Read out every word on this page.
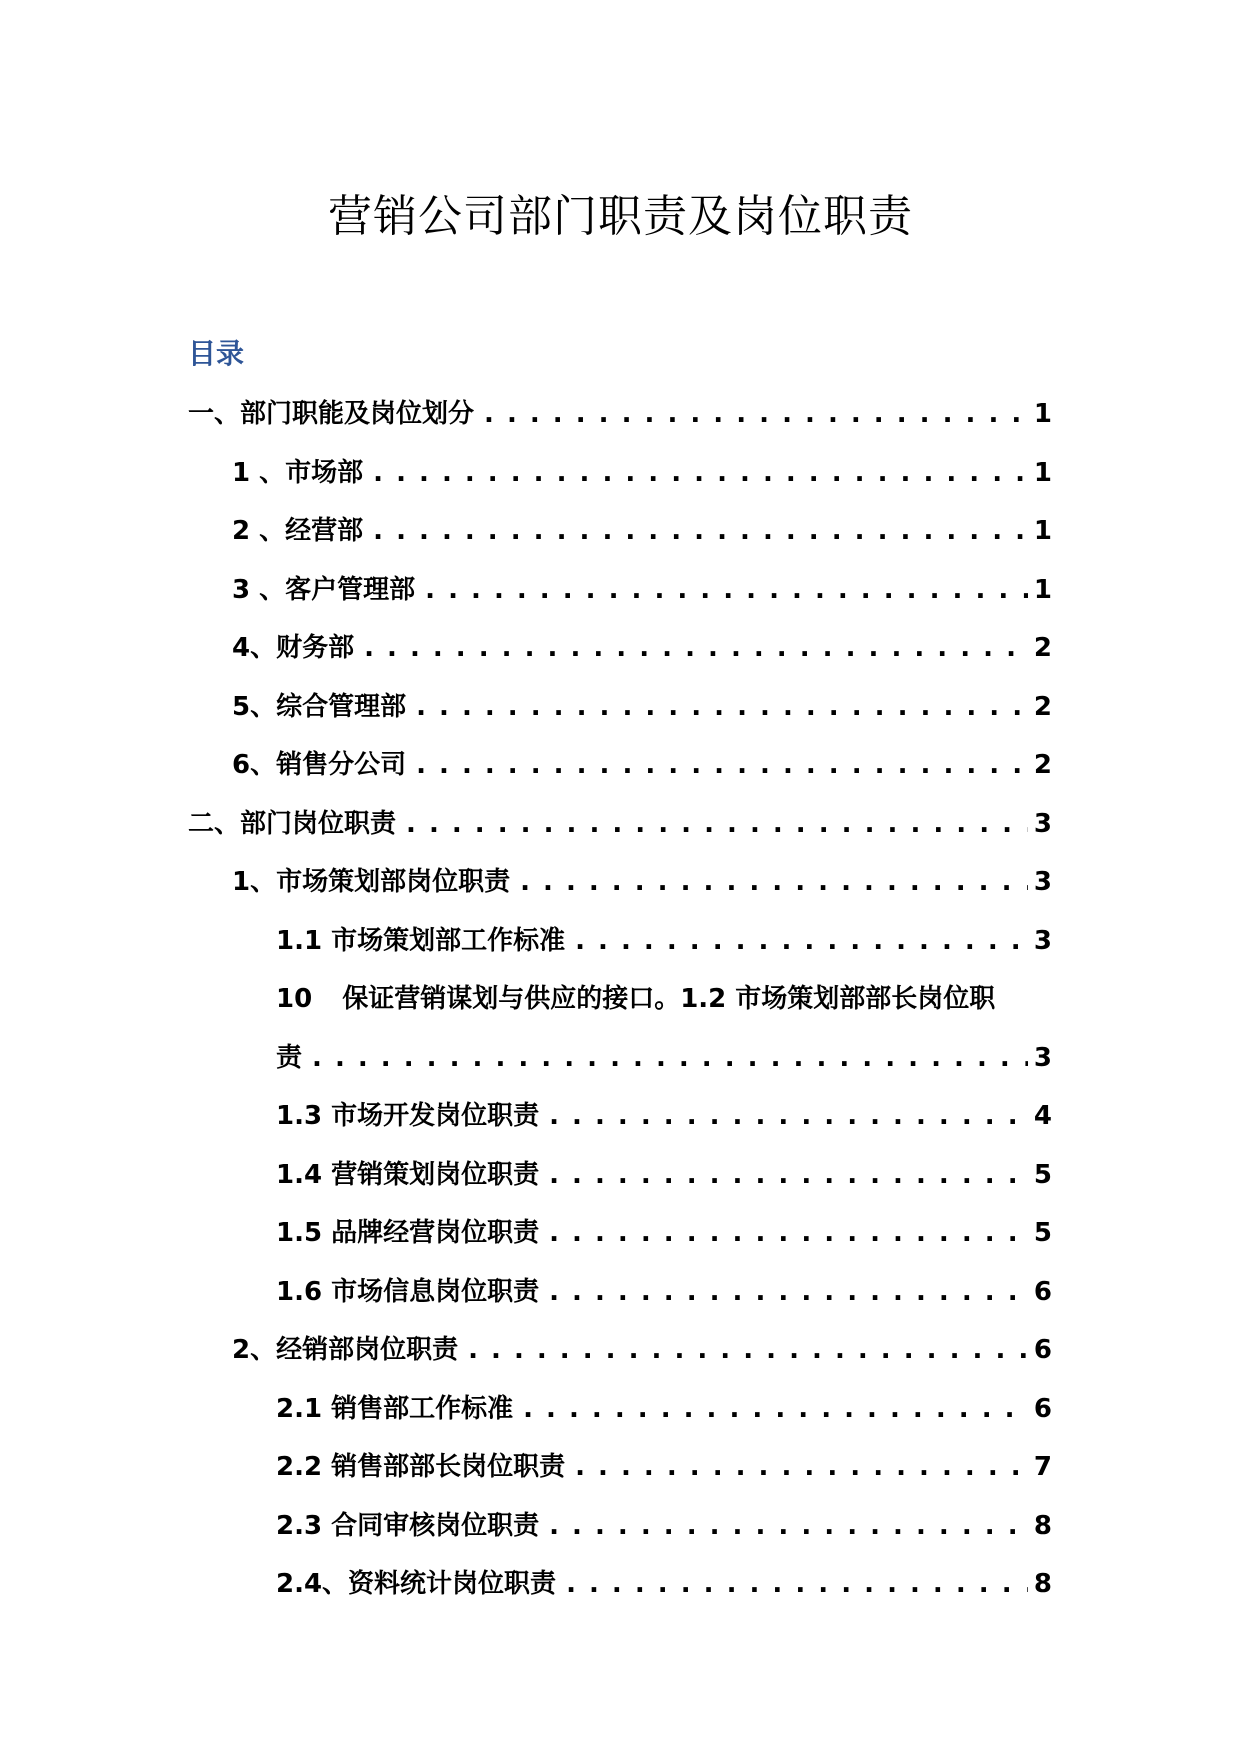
营销公司部门职责及岗位职责
目录
一、部门职能及岗位划分 . . .	1
1 、市场部 . . .	1
2 、经营部 . . .	1
3 、客户管理部 . . .	1
4、财务部 . . .	2
5、综合管理部 . . .	2
6、销售分公司 . . .	2
二、部门岗位职责 . . .	3
1、市场策划部岗位职责 . . .	3
1.1 市场策划部工作标准 . . .	3
10 保证营销谋划与供应的接口。1.2 市场策划部部长岗位职
责 . . .	3
1.3 市场开发岗位职责 . . .	4
1.4 营销策划岗位职责 . . .	5
1.5 品牌经营岗位职责 . . .	5
1.6 市场信息岗位职责 . . .	6
2、经销部岗位职责 . . .	6
2.1 销售部工作标准 . . .	6
2.2 销售部部长岗位职责 . . .	7
2.3 合同审核岗位职责 . . .	8
2.4、资料统计岗位职责 . . .	8
